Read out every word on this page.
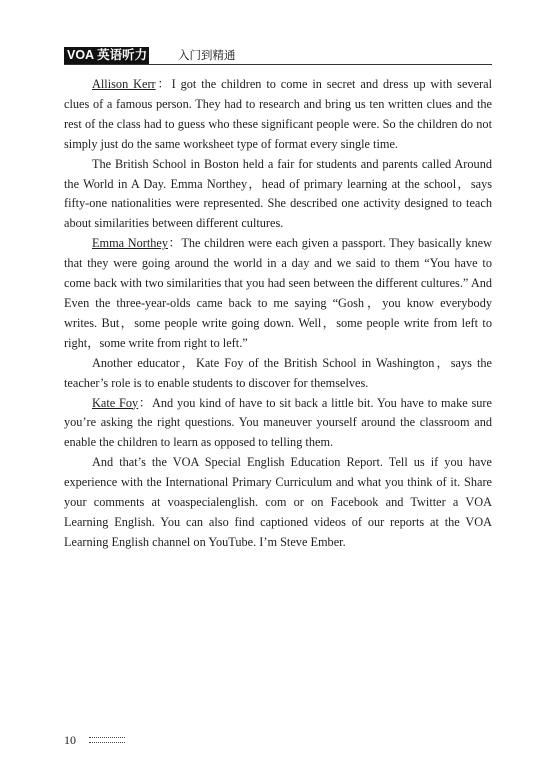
VOA 英语听力	入门到精通

Allison Kerr：I got the children to come in secret and dress up with several clues of a famous person. They had to research and bring us ten written clues and the rest of the class had to guess who these significant people were. So the children do not simply just do the same worksheet type of format every single time.

The British School in Boston held a fair for students and parents called Around the World in A Day. Emma Northey，head of primary learning at the school，says fifty-one nationalities were represented. She described one activity designed to teach about similarities between different cultures.

Emma Northey：The children were each given a passport. They basically knew that they were going around the world in a day and we said to them “You have to come back with two similarities that you had seen between the different cultures.” And Even the three-year-olds came back to me saying “Gosh，you know everybody writes. But，some people write going down. Well，some people write from left to right，some write from right to left.”

Another educator，Kate Foy of the British School in Washington，says the teacher’s role is to enable students to discover for themselves.

Kate Foy：And you kind of have to sit back a little bit. You have to make sure you’re asking the right questions. You maneuver yourself around the classroom and enable the children to learn as opposed to telling them.

And that’s the VOA Special English Education Report. Tell us if you have experience with the International Primary Curriculum and what you think of it. Share your comments at voaspecialenglish. com or on Facebook and Twitter a VOA Learning English. You can also find captioned videos of our reports at the VOA Learning English channel on YouTube. I’m Steve Ember.

10
